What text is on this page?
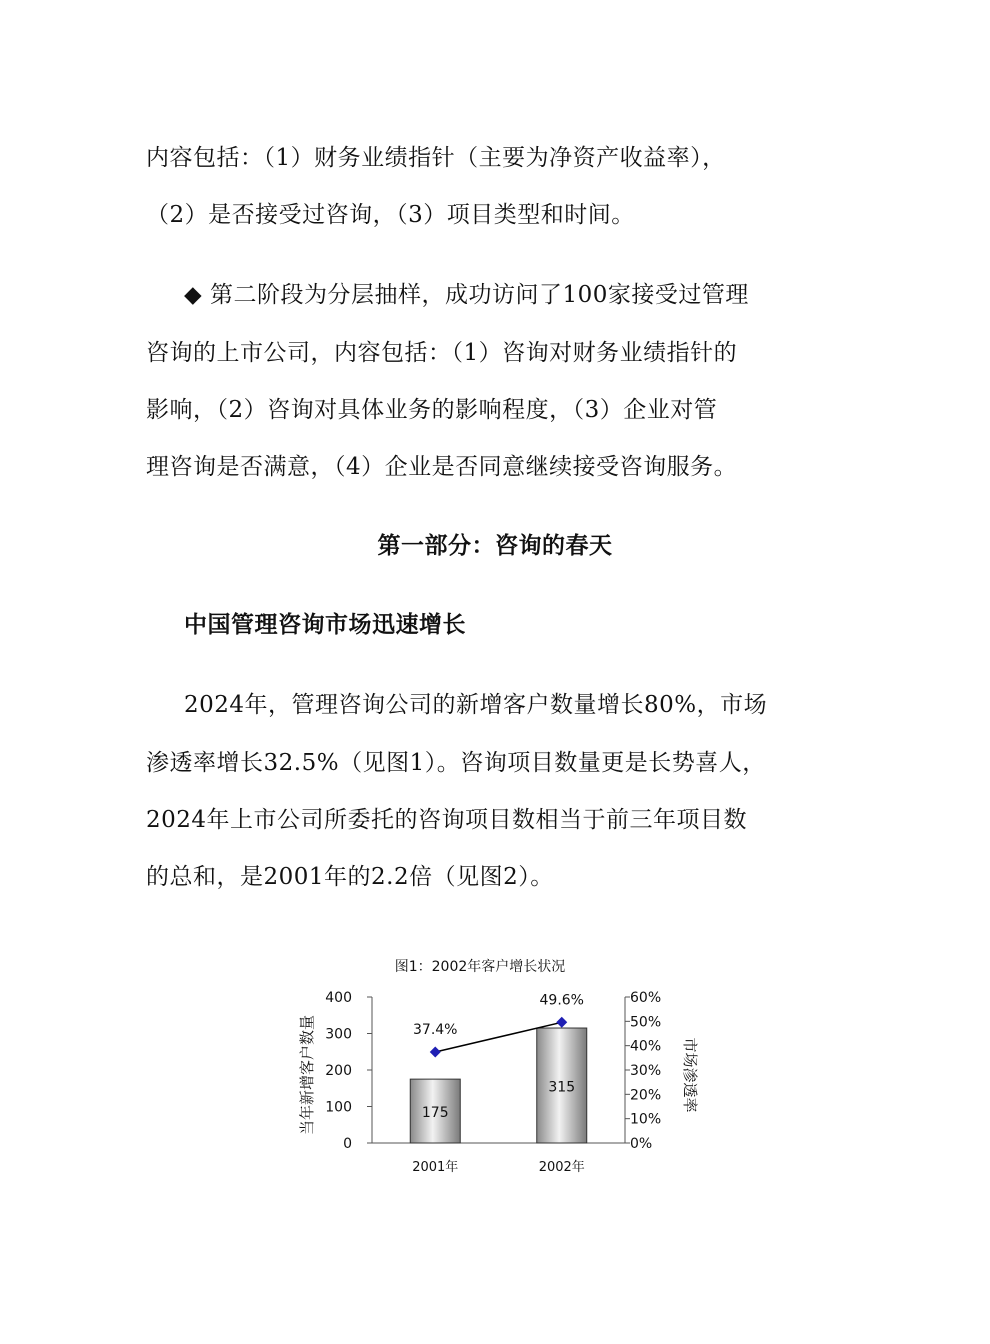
内容包括：（1）财务业绩指针（主要为净资产收益率），
（2）是否接受过咨询，（3）项目类型和时间。
◆ 第二阶段为分层抽样，成功访问了100家接受过管理
咨询的上市公司，内容包括：（1）咨询对财务业绩指针的
影响，（2）咨询对具体业务的影响程度，（3）企业对管
理咨询是否满意，（4）企业是否同意继续接受咨询服务。
第一部分：咨询的春天
中国管理咨询市场迅速增长
2024年，管理咨询公司的新增客户数量增长80%，市场
渗透率增长32.5%（见图1）。咨询项目数量更是长势喜人，
2024年上市公司所委托的咨询项目数相当于前三年项目数
的总和，是2001年的2.2倍（见图2）。
图1：2002年客户增长状况
400
300
200
100
0
60%
50%
40%
30%
20%
10%
0%
当年新增客户数量	市场渗透率
175
2001年
315
2002年
37.4%
49.6%
